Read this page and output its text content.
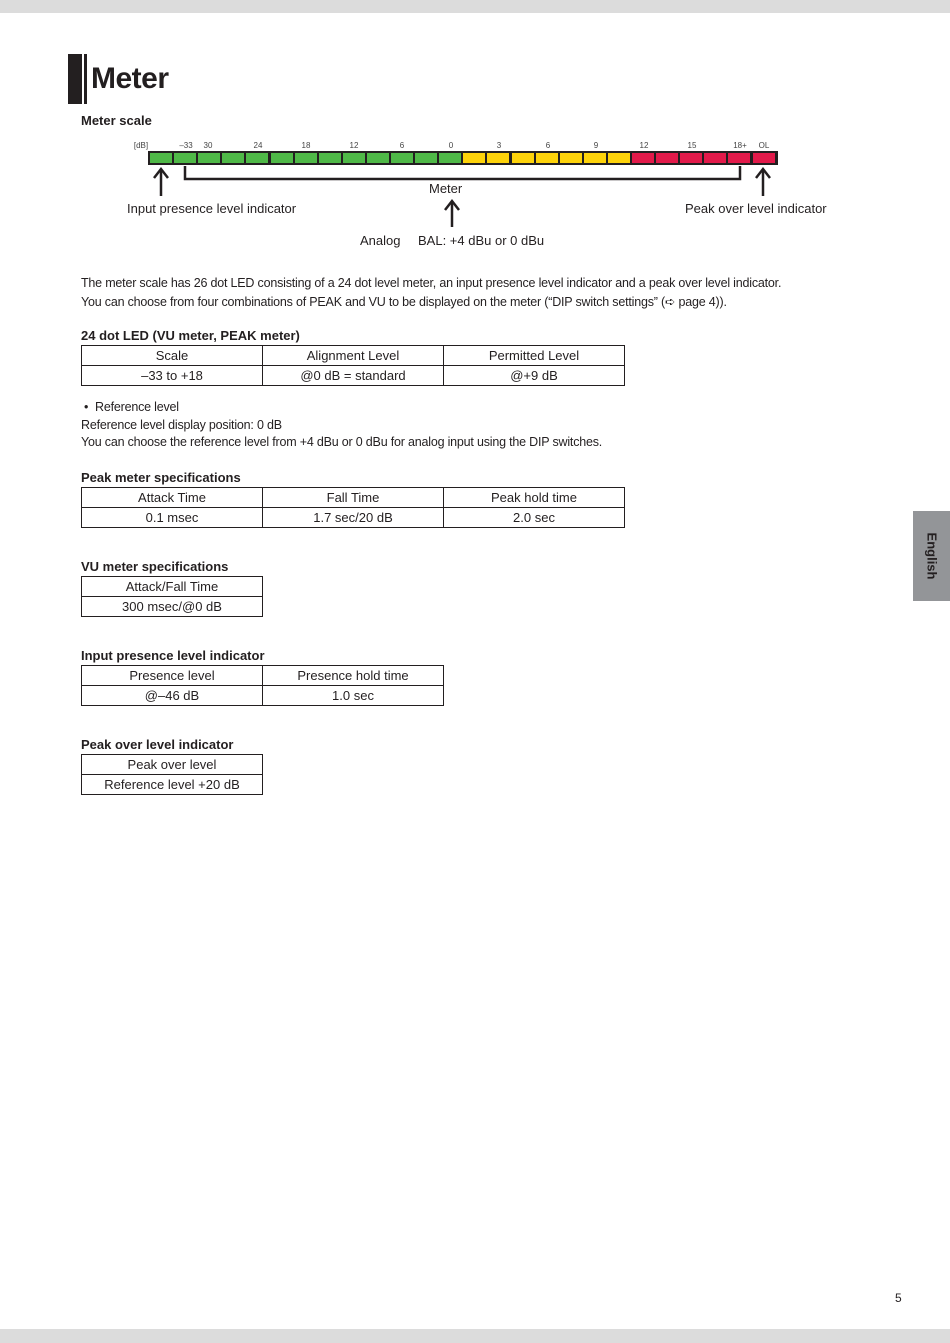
Meter
Meter scale
[dB]	–33 30	24	18	12	6	0	3	6	9	12	15	18+ OL
Meter
Input presence level indicator	Peak over level indicator
Analog BAL: +4 dBu or 0 dBu
The meter scale has 26 dot LED consisting of a 24 dot level meter, an input presence level indicator and a peak over level indicator.
You can choose from four combinations of PEAK and VU to be displayed on the meter (“DIP switch settings” (➪ page 4)).
24 dot LED (VU meter, PEAK meter)
Scale	Alignment Level	Permitted Level
–33 to +18	@0 dB = standard	@+9 dB
• Reference level
Reference level display position: 0 dB
You can choose the reference level from +4 dBu or 0 dBu for analog input using the DIP switches.
Peak meter specifications
Attack Time	Fall Time	Peak hold time
0.1 msec	1.7 sec/20 dB	2.0 sec
VU meter specifications
Attack/Fall Time
300 msec/@0 dB
Input presence level indicator
Presence level	Presence hold time
@–46 dB	1.0 sec
Peak over level indicator
Peak over level
Reference level +20 dB
English
5
